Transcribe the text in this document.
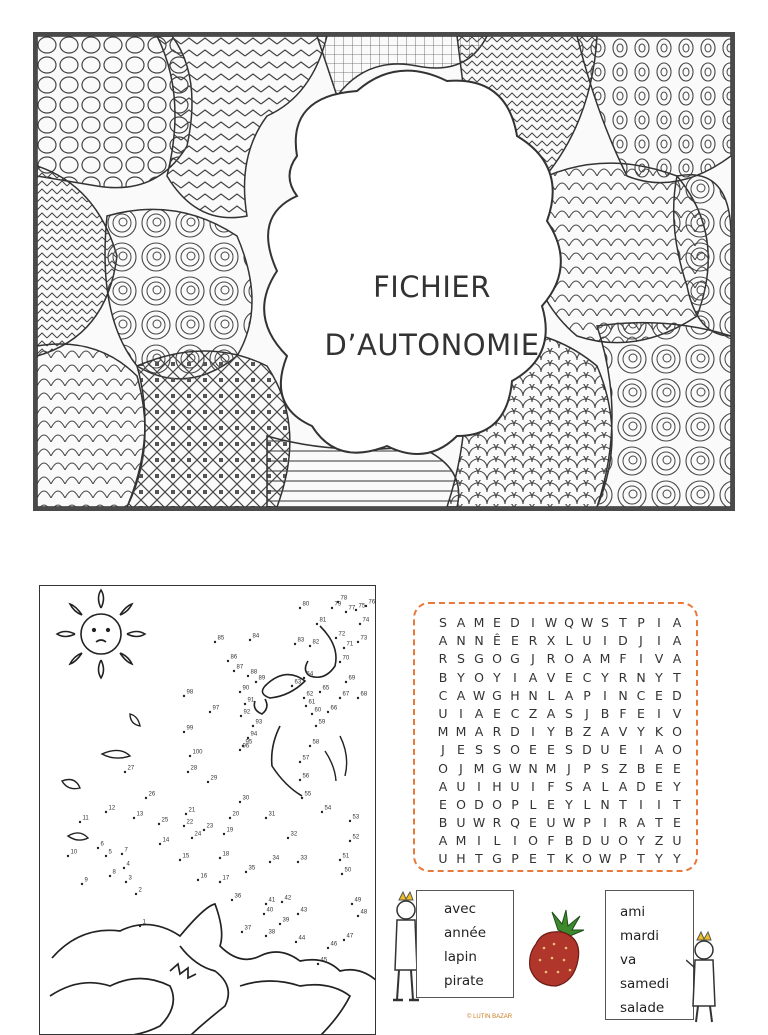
FICHIER
D’AUTONOMIE
1
2
3
4
5
6
7
8
9
10
11
12
13
14
15
16	17
18
19
20
21
22
23
24
25
26
27	28
29
30
31
32
33
34
35
36
37
38
39
40
41 42
43
44
45
46
47
48
49
50
51
52
53
54
55
56
57
58
59
60
61
62
63
64
65
66
67 68
69
70
71
72
73
74
75
76
77
78
79
80
81
82
83
84
85
86
87
88
89
90
91
92
93
94
95
96
97
98
99
100
S A M E D I W Q W S T P I A
A N N Ê E R X L U I D J	I A
R S G O G J R O A M F	I V A
B Y O Y I A V E C Y R N Y T
C A W G H N L A P I N C E D
U I A E C Z A S J B F E I V
M M A R D I Y B Z A V Y K O
J E S S O E E S D U E I A O
O J M G W N M J P S Z B E E
A U I H U I	F S A L A D E Y
E O D O P L E Y L N T I	I T
B U W R Q E U W P I R A T E
A M I	L	I O F B D U O Y Z U
U H T G P E T K O W P T Y Y
avec
année
lapin
pirate
ami
mardi
va
samedi
salade
© LUTIN BAZAR
